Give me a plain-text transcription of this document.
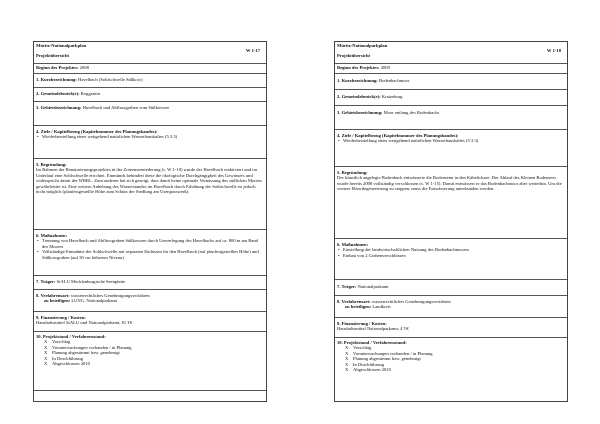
Müritz-Nationalparkplan
W 1-17
Projektübersicht
Beginn des Projektes: 2008
1. Kurzbezeichnung: Havelbach (Sohlschwelle Süßkow)
2. Gemeindebezirk(e): Roggentin
3. Gebietsbezeichnung: Havelbach und Abflussgraben vom Süßkowsee
4. Ziele / Kapitelbezug (Kapitelnummer des Planungsbandes):
• Wiederherstellung eines weitgehend natürlichen Wasserhaushaltes (5.3.3)
5. Begründung:
Im Rahmen der Renaturierungsprojektes in der Zotzenseeniederung (s. W 1-10) wurde der Havelbach reaktiviert und im Unterlauf eine Sohlschwelle errichtet. Einmünds behindert diese die ökologische Durchgängigkeit des Gewässers und widerspricht damit der WRRL. Zum anderen hat sich gezeigt, dass damit keine optimale Vernässung des südlichen Moores gewährleistet ist. Eine weitere Anhebung des Wasserstandes im Havelbach durch Erhöhung der Sohlschwelle ist jedoch nicht möglich (planfestgestellte Höhe zum Schutz der Siedlung am Usenpasswerk).
6. Maßnahmen:
• Trennung von Havelbach und Abflussgraben Süßkowsee durch Umverlegung des Havelbachs auf ca. 800 m am Rand des Moores
• Vollständige Entnahme der Sohlschwelle mit separaten Einlässen für den Havelbach (auf planfestgestellter Höhe) und Süßkowgraben (auf 30 cm höherem Niveau)
7. Träger: StALU Mecklenburgische Seenplatte
8. Verfahrensart: wasserrechtliches Genehmigungsverfahren
zu beteiligen: LUNG, Nationalparkamt
9. Finanzierung / Kosten:
Haushaltsmittel StALU und Nationalparkamt, 81 T€
10. Projektstand / Verfahrensstand:
X Vorschlag
X Voruntersuchungen vorhanden / in Planung
X Planung abgestimmt bzw. genehmigt
X In Durchführung
X Abgeschlossen 2010
Müritz-Nationalparkplan
W 1-18
Projektübersicht
Beginn des Projektes: 2009
1. Kurzbezeichnung: Bodenbachmoor
2. Gemeindebezirk(e): Kratzeburg
3. Gebietsbezeichnung: Moor entlang des Bodenbachs
4. Ziele / Kapitelbezug (Kapitelnummer des Planungsbandes):
• Wiederherstellung eines weitgehend natürlichen Wasserhaushaltes (5.3.3)
5. Begründung:
Der künstlich angelegte Bodenbach entwässerte die Bodensenn in den Käbelicksee. Der Ablauf des Kleinen Bodensees wurde bereits 2008 vollständig verschlossen (s. W 1-15). Damit entwässert er das Bodenbachmoor aber weiterhin. Um die weitere Moordegenerierung zu stoppen, muss die Entwässerung unterbunden werden.
6. Maßnahmen:
• Einstellung der landwirtschaftlichen Nutzung des Bodenbachmoores
• Einbau von 2 Grabenverschlüssen
7. Träger: Nationalparkamt
8. Verfahrensart: wasserrechtliches Genehmigungsverfahren
zu beteiligen: Landkreis
9. Finanzierung / Kosten:
Haushaltsmittel Nationalparkamt, 4 T€
10. Projektstand / Verfahrensstand:
X Vorschlag
X Voruntersuchungen vorhanden / in Planung
X Planung abgestimmt bzw. genehmigt
X In Durchführung
X Abgeschlossen 2010
